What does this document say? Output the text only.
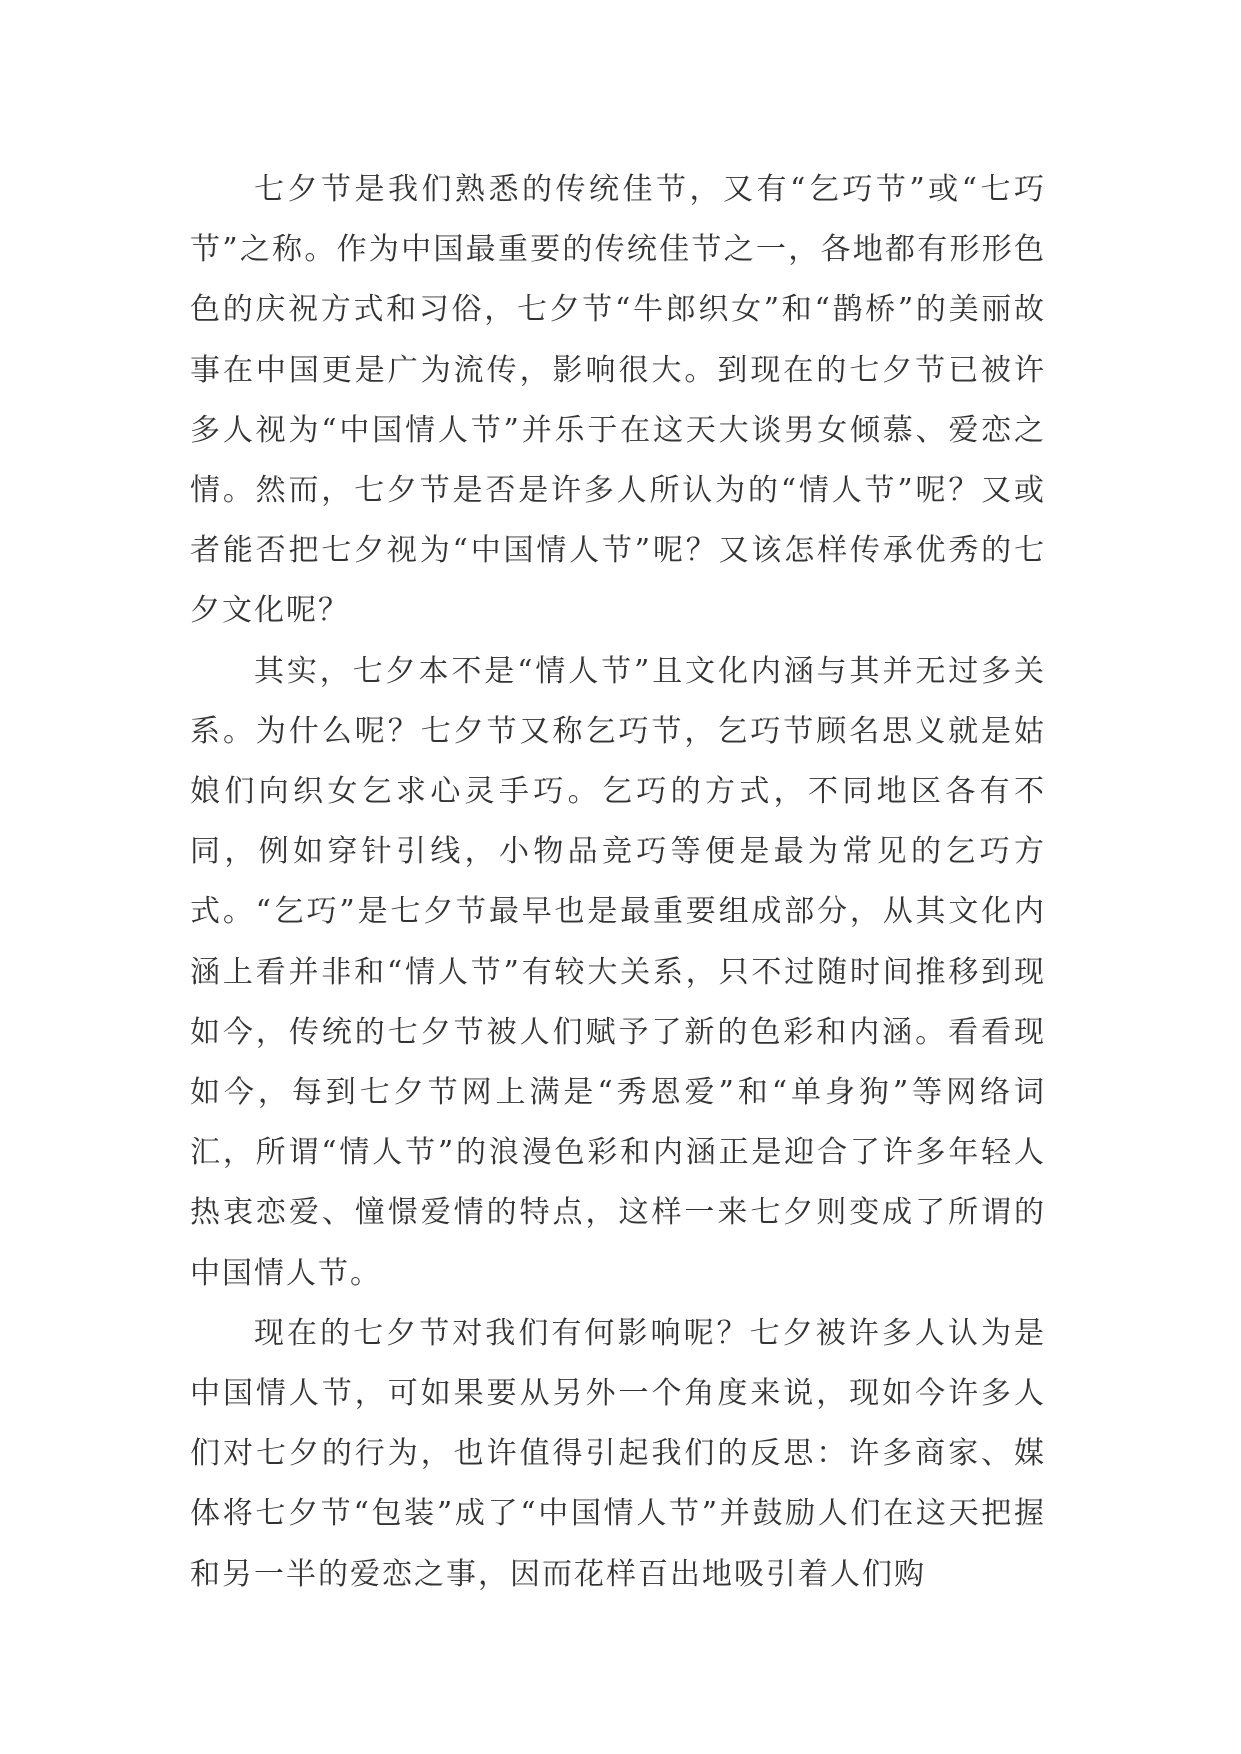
七夕节是我们熟悉的传统佳节，又有“乞巧节”或“七巧节”之称。作为中国最重要的传统佳节之一，各地都有形形色色的庆祝方式和习俗，七夕节“牛郎织女”和“鹊桥”的美丽故事在中国更是广为流传，影响很大。到现在的七夕节已被许多人视为“中国情人节”并乐于在这天大谈男女倾慕、爱恋之情。然而，七夕节是否是许多人所认为的“情人节”呢？又或者能否把七夕视为“中国情人节”呢？又该怎样传承优秀的七夕文化呢？

其实，七夕本不是“情人节”且文化内涵与其并无过多关系。为什么呢？七夕节又称乞巧节，乞巧节顾名思义就是姑娘们向织女乞求心灵手巧。乞巧的方式，不同地区各有不同，例如穿针引线，小物品竞巧等便是最为常见的乞巧方式。“乞巧”是七夕节最早也是最重要组成部分，从其文化内涵上看并非和“情人节”有较大关系，只不过随时间推移到现如今，传统的七夕节被人们赋予了新的色彩和内涵。看看现如今，每到七夕节网上满是“秀恩爱”和“单身狗”等网络词汇，所谓“情人节”的浪漫色彩和内涵正是迎合了许多年轻人热衷恋爱、憧憬爱情的特点，这样一来七夕则变成了所谓的中国情人节。

现在的七夕节对我们有何影响呢？七夕被许多人认为是中国情人节，可如果要从另外一个角度来说，现如今许多人们对七夕的行为，也许值得引起我们的反思：许多商家、媒体将七夕节“包装”成了“中国情人节”并鼓励人们在这天把握和另一半的爱恋之事，因而花样百出地吸引着人们购
